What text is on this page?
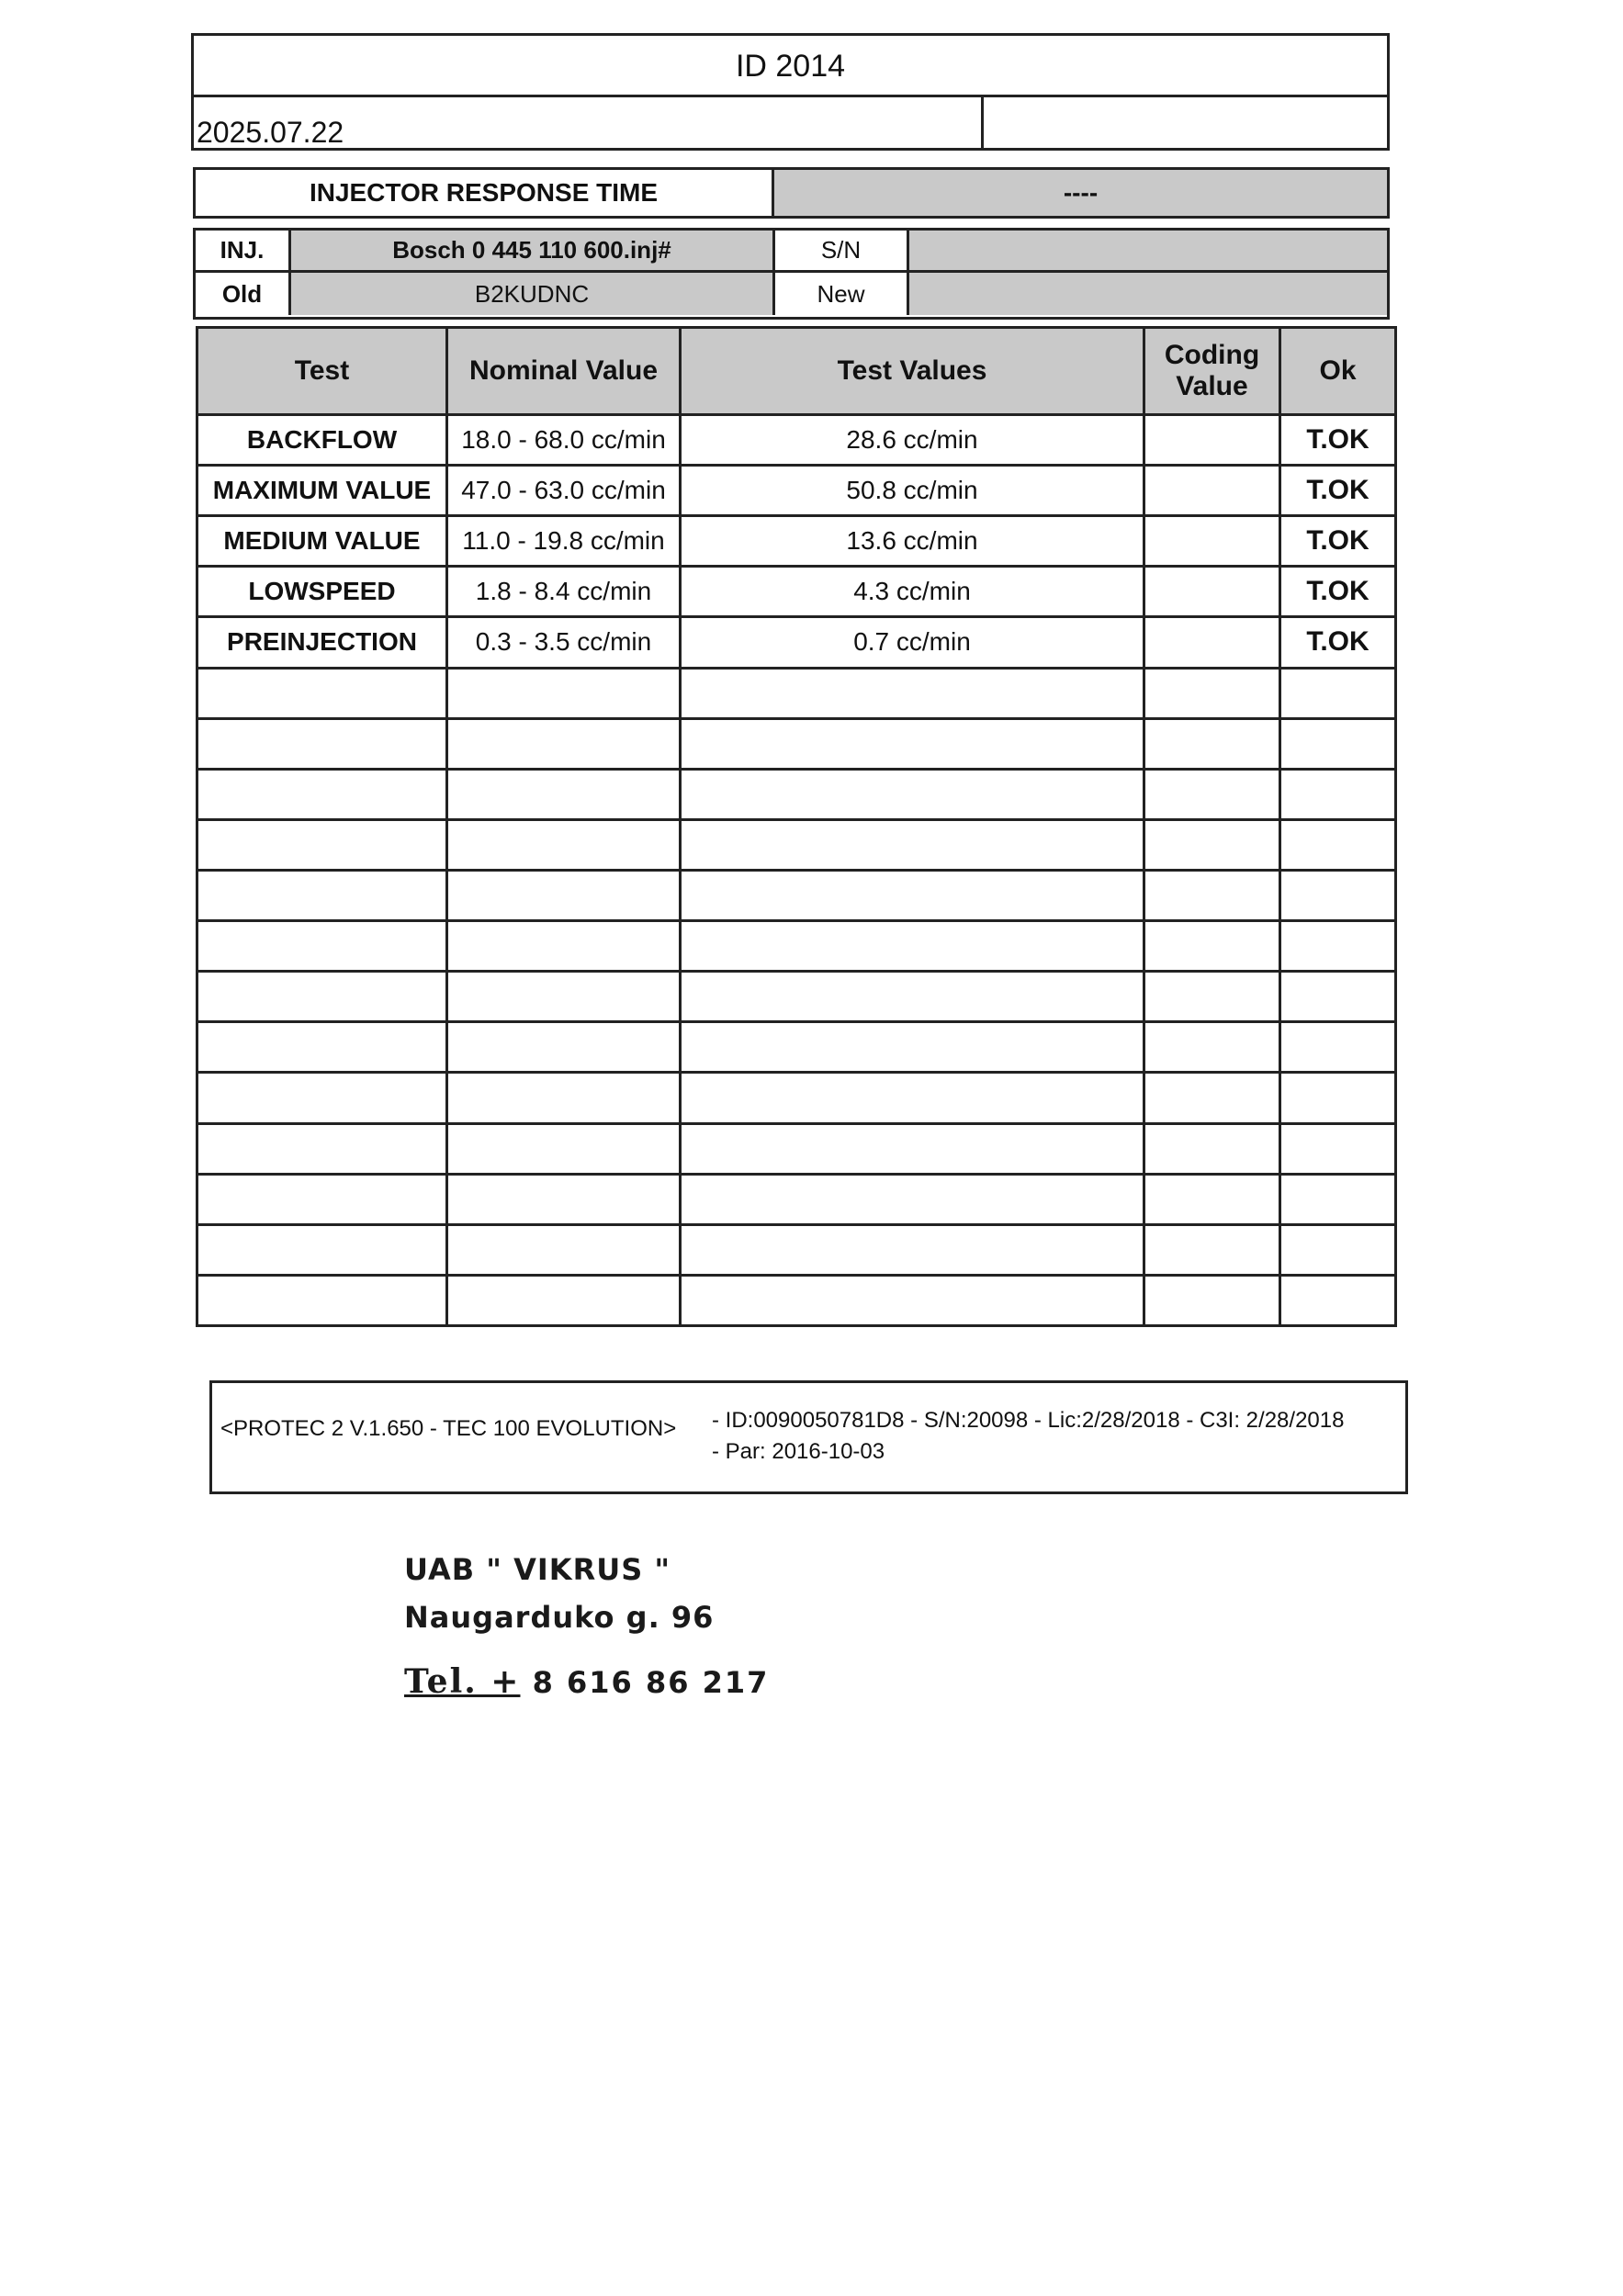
ID 2014
2025.07.22
INJECTOR RESPONSE TIME	----
INJ.	Bosch 0 445 110 600.inj#	S/N
Old	B2KUDNC	New
Test	Nominal Value	Test Values	Coding Value	Ok
BACKFLOW	18.0 - 68.0 cc/min	28.6 cc/min		T.OK
MAXIMUM VALUE	47.0 - 63.0 cc/min	50.8 cc/min		T.OK
MEDIUM VALUE	11.0 - 19.8 cc/min	13.6 cc/min		T.OK
LOWSPEED	1.8 - 8.4 cc/min	4.3 cc/min		T.OK
PREINJECTION	0.3 - 3.5 cc/min	0.7 cc/min		T.OK

<PROTEC 2 V.1.650 - TEC 100 EVOLUTION> - ID:0090050781D8 - S/N:20098 - Lic:2/28/2018 - C3I: 2/28/2018
- Par: 2016-10-03
UAB " VIKRUS "
Naugarduko g. 96
Tel. + 8 616 86 217
